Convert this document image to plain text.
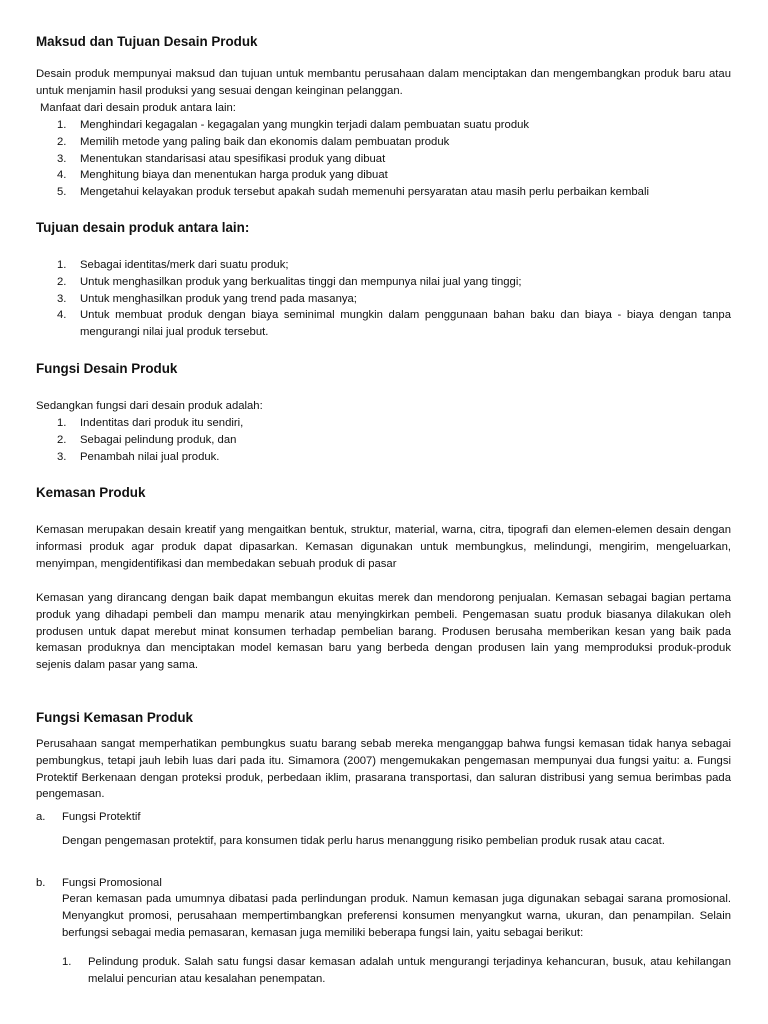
Maksud dan Tujuan Desain Produk

Desain produk mempunyai maksud dan tujuan untuk membantu perusahaan dalam menciptakan dan mengembangkan produk baru atau untuk menjamin hasil produksi yang sesuai dengan keinginan pelanggan.

Manfaat dari desain produk antara lain:

1. Menghindari kegagalan - kegagalan yang mungkin terjadi dalam pembuatan suatu produk
2. Memilih metode yang paling baik dan ekonomis dalam pembuatan produk
3. Menentukan standarisasi atau spesifikasi produk yang dibuat
4. Menghitung biaya dan menentukan harga produk yang dibuat
5. Mengetahui kelayakan produk tersebut apakah sudah memenuhi persyaratan atau masih perlu perbaikan kembali
Tujuan desain produk antara lain:
1. Sebagai identitas/merk dari suatu produk;
2. Untuk menghasilkan produk yang berkualitas tinggi dan mempunya nilai jual yang tinggi;
3. Untuk menghasilkan produk yang trend pada masanya;
4. Untuk membuat produk dengan biaya seminimal mungkin dalam penggunaan bahan baku dan biaya - biaya dengan tanpa mengurangi nilai jual produk tersebut.
Fungsi Desain Produk

Sedangkan fungsi dari desain produk adalah:

1. Indentitas dari produk itu sendiri,
2. Sebagai pelindung produk, dan
3. Penambah nilai jual produk.
Kemasan Produk

Kemasan merupakan desain kreatif yang mengaitkan bentuk, struktur, material, warna, citra, tipografi dan elemen-elemen desain dengan informasi produk agar produk dapat dipasarkan. Kemasan digunakan untuk membungkus, melindungi, mengirim, mengeluarkan, menyimpan, mengidentifikasi dan membedakan sebuah produk di pasar

Kemasan yang dirancang dengan baik dapat membangun ekuitas merek dan mendorong penjualan. Kemasan sebagai bagian pertama produk yang dihadapi pembeli dan mampu menarik atau menyingkirkan pembeli. Pengemasan suatu produk biasanya dilakukan oleh produsen untuk dapat merebut minat konsumen terhadap pembelian barang. Produsen berusaha memberikan kesan yang baik pada kemasan produknya dan menciptakan model kemasan baru yang berbeda dengan produsen lain yang memproduksi produk-produk sejenis dalam pasar yang sama.

Fungsi Kemasan Produk

Perusahaan sangat memperhatikan pembungkus suatu barang sebab mereka menganggap bahwa fungsi kemasan tidak hanya sebagai pembungkus, tetapi jauh lebih luas dari pada itu. Simamora (2007) mengemukakan pengemasan mempunyai dua fungsi yaitu: a. Fungsi Protektif Berkenaan dengan proteksi produk, perbedaan iklim, prasarana transportasi, dan saluran distribusi yang semua berimbas pada pengemasan.

a. Fungsi Protektif

Dengan pengemasan protektif, para konsumen tidak perlu harus menanggung risiko pembelian produk rusak atau cacat.

b. Fungsi Promosional

Peran kemasan pada umumnya dibatasi pada perlindungan produk. Namun kemasan juga digunakan sebagai sarana promosional. Menyangkut promosi, perusahaan mempertimbangkan preferensi konsumen menyangkut warna, ukuran, dan penampilan. Selain berfungsi sebagai media pemasaran, kemasan juga memiliki beberapa fungsi lain, yaitu sebagai berikut:

1. Pelindung produk. Salah satu fungsi dasar kemasan adalah untuk mengurangi terjadinya kehancuran, busuk, atau kehilangan melalui pencurian atau kesalahan penempatan.
